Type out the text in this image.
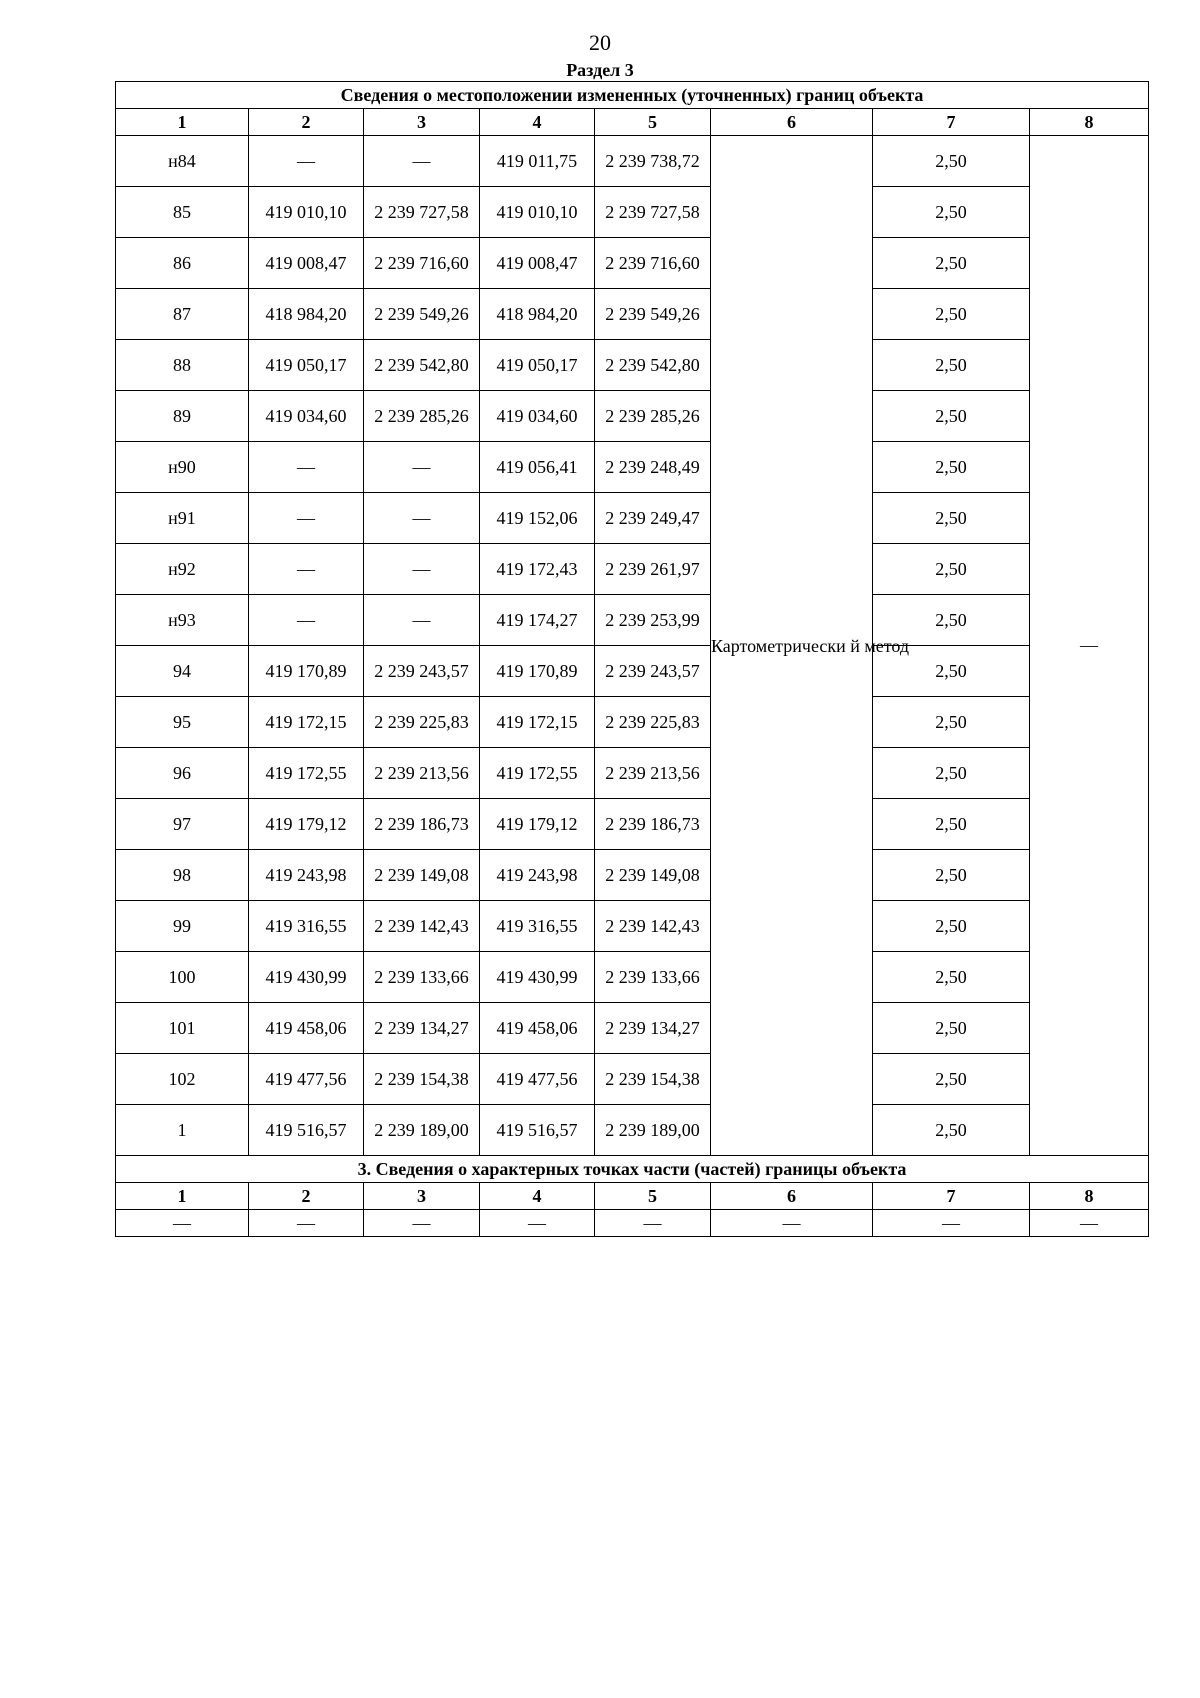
20
Раздел 3
Сведения о местоположении измененных (уточненных) границ объекта							
1	2	3	4	5	6	7	8
н84	—	—	419 011,75	2 239 738,72	Картометрически й метод	2,50	—
85	419 010,10	2 239 727,58	419 010,10	2 239 727,58		2,50	
86	419 008,47	2 239 716,60	419 008,47	2 239 716,60		2,50	
87	418 984,20	2 239 549,26	418 984,20	2 239 549,26		2,50	
88	419 050,17	2 239 542,80	419 050,17	2 239 542,80		2,50	
89	419 034,60	2 239 285,26	419 034,60	2 239 285,26		2,50	
н90	—	—	419 056,41	2 239 248,49		2,50	
н91	—	—	419 152,06	2 239 249,47		2,50	
н92	—	—	419 172,43	2 239 261,97		2,50	
н93	—	—	419 174,27	2 239 253,99		2,50	
94	419 170,89	2 239 243,57	419 170,89	2 239 243,57		2,50	
95	419 172,15	2 239 225,83	419 172,15	2 239 225,83		2,50	
96	419 172,55	2 239 213,56	419 172,55	2 239 213,56		2,50	
97	419 179,12	2 239 186,73	419 179,12	2 239 186,73		2,50	
98	419 243,98	2 239 149,08	419 243,98	2 239 149,08		2,50	
99	419 316,55	2 239 142,43	419 316,55	2 239 142,43		2,50	
100	419 430,99	2 239 133,66	419 430,99	2 239 133,66		2,50	
101	419 458,06	2 239 134,27	419 458,06	2 239 134,27		2,50	
102	419 477,56	2 239 154,38	419 477,56	2 239 154,38		2,50	
1	419 516,57	2 239 189,00	419 516,57	2 239 189,00		2,50	
3. Сведения о характерных точках части (частей) границы объекта							
1	2	3	4	5	6	7	8
—	—	—	—	—	—	—	—
